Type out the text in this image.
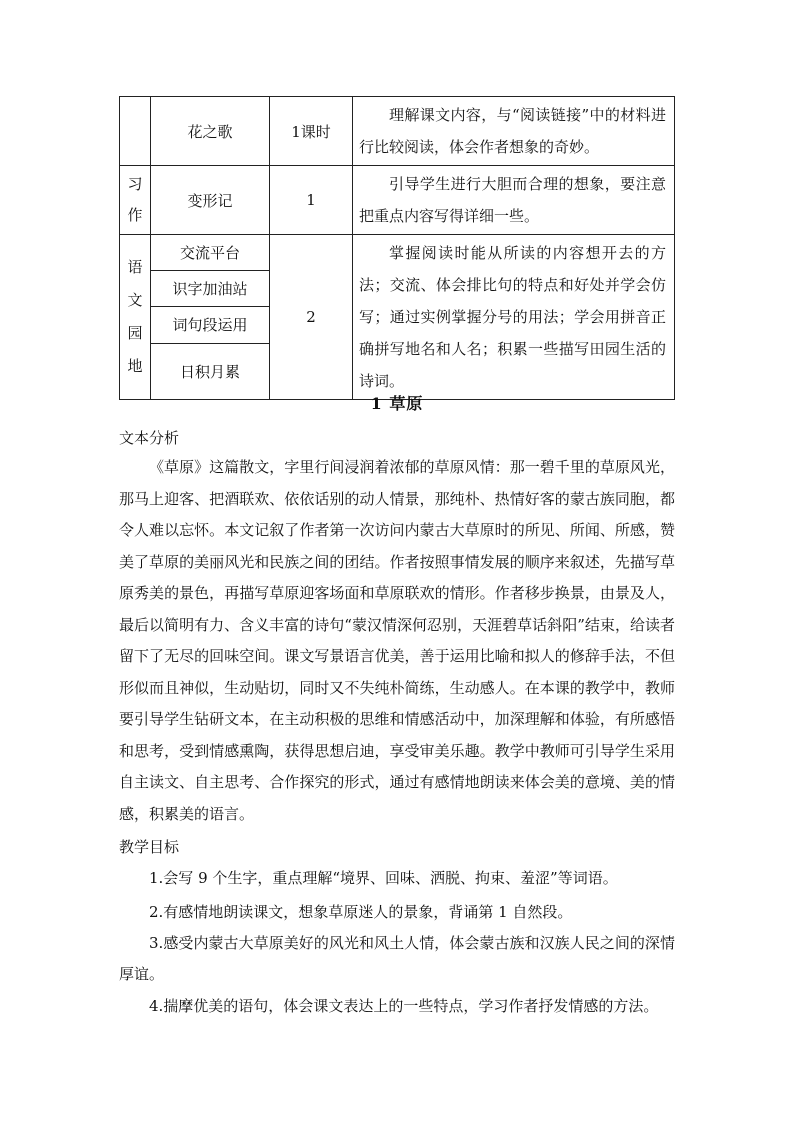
	花之歌	1课时	理解课文内容，与“阅读链接”中的材料进行比较阅读，体会作者想象的奇妙。

习作	变形记	1	引导学生进行大胆而合理的想象，要注意把重点内容写得详细一些。

语文园地	交流平台	2	掌握阅读时能从所读的内容想开去的方法；交流、体会排比句的特点和好处并学会仿写；通过实例掌握分号的用法；学会用拼音正确拼写地名和人名；积累一些描写田园生活的诗词。

	识字加油站		
	词句段运用		
	日积月累		
1 草原
文本分析

《草原》这篇散文，字里行间浸润着浓郁的草原风情：那一碧千里的草原风光，那马上迎客、把酒联欢、依依话别的动人情景，那纯朴、热情好客的蒙古族同胞，都令人难以忘怀。本文记叙了作者第一次访问内蒙古大草原时的所见、所闻、所感，赞美了草原的美丽风光和民族之间的团结。作者按照事情发展的顺序来叙述，先描写草原秀美的景色，再描写草原迎客场面和草原联欢的情形。作者移步换景，由景及人，最后以简明有力、含义丰富的诗句“蒙汉情深何忍别，天涯碧草话斜阳”结束，给读者留下了无尽的回味空间。课文写景语言优美，善于运用比喻和拟人的修辞手法，不但形似而且神似，生动贴切，同时又不失纯朴简练，生动感人。在本课的教学中，教师要引导学生钻研文本，在主动积极的思维和情感活动中，加深理解和体验，有所感悟和思考，受到情感熏陶，获得思想启迪，享受审美乐趣。教学中教师可引导学生采用自主读文、自主思考、合作探究的形式，通过有感情地朗读来体会美的意境、美的情感，积累美的语言。

教学目标

1.会写 9 个生字，重点理解“境界、回味、洒脱、拘束、羞涩”等词语。

2.有感情地朗读课文，想象草原迷人的景象，背诵第 1 自然段。

3.感受内蒙古大草原美好的风光和风土人情，体会蒙古族和汉族人民之间的深情厚谊。

4.揣摩优美的语句，体会课文表达上的一些特点，学习作者抒发情感的方法。
